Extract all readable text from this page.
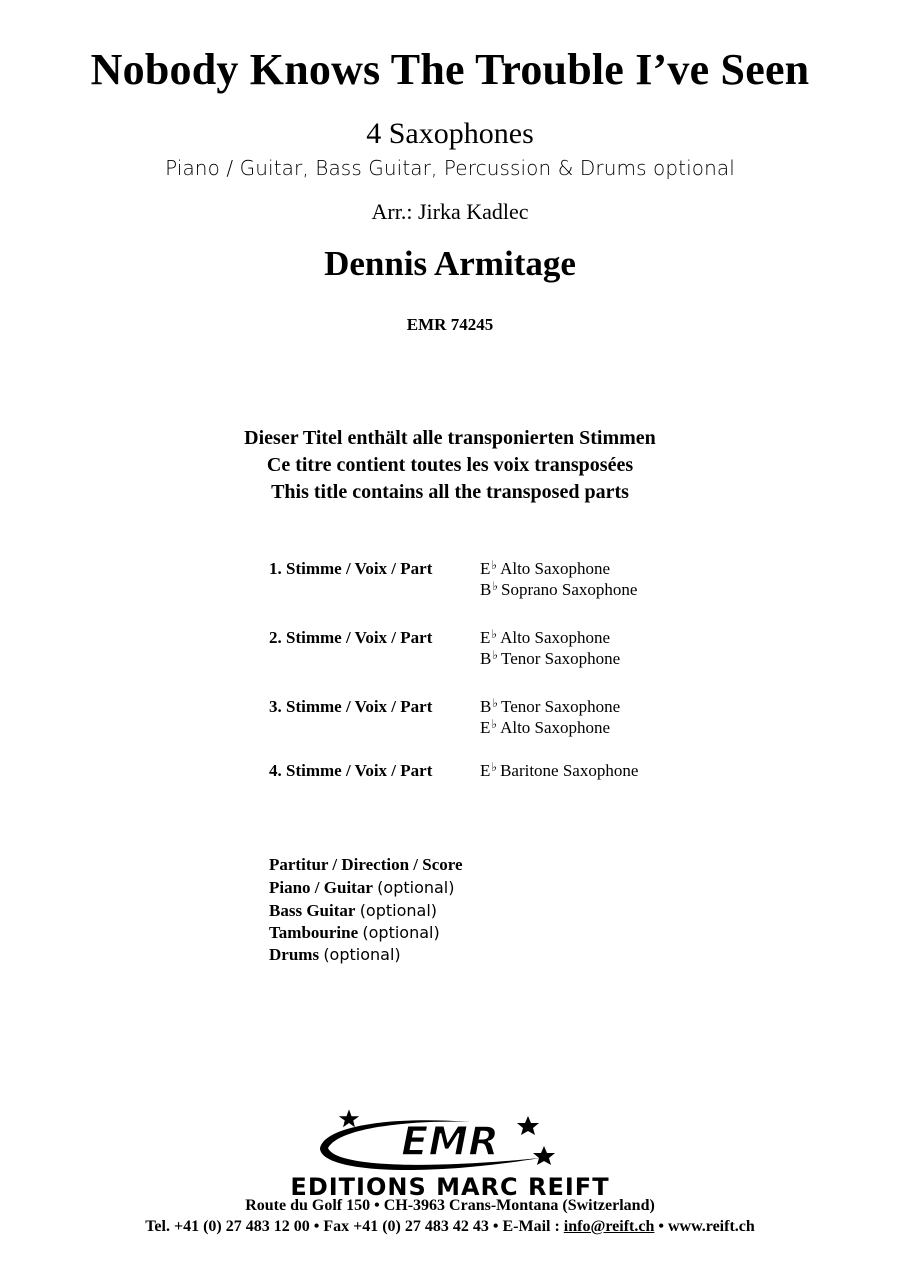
Nobody Knows The Trouble I’ve Seen
4 Saxophones
Piano / Guitar, Bass Guitar, Percussion & Drums optional
Arr.: Jirka Kadlec
Dennis Armitage
EMR 74245
Dieser Titel enthält alle transponierten Stimmen
Ce titre contient toutes les voix transposées
This title contains all the transposed parts
1. Stimme / Voix / Part	E♭ Alto Saxophone
B♭ Soprano Saxophone
2. Stimme / Voix / Part	E♭ Alto Saxophone
B♭ Tenor Saxophone
3. Stimme / Voix / Part	B♭ Tenor Saxophone
E♭ Alto Saxophone
4. Stimme / Voix / Part	E♭ Baritone Saxophone
Partitur / Direction / Score
Piano / Guitar (optional)
Bass Guitar (optional)
Tambourine (optional)
Drums (optional)
EMR
EDITIONS MARC REIFT
Route du Golf 150 • CH-3963 Crans-Montana (Switzerland)
Tel. +41 (0) 27 483 12 00 • Fax +41 (0) 27 483 42 43 • E-Mail : info@reift.ch • www.reift.ch
